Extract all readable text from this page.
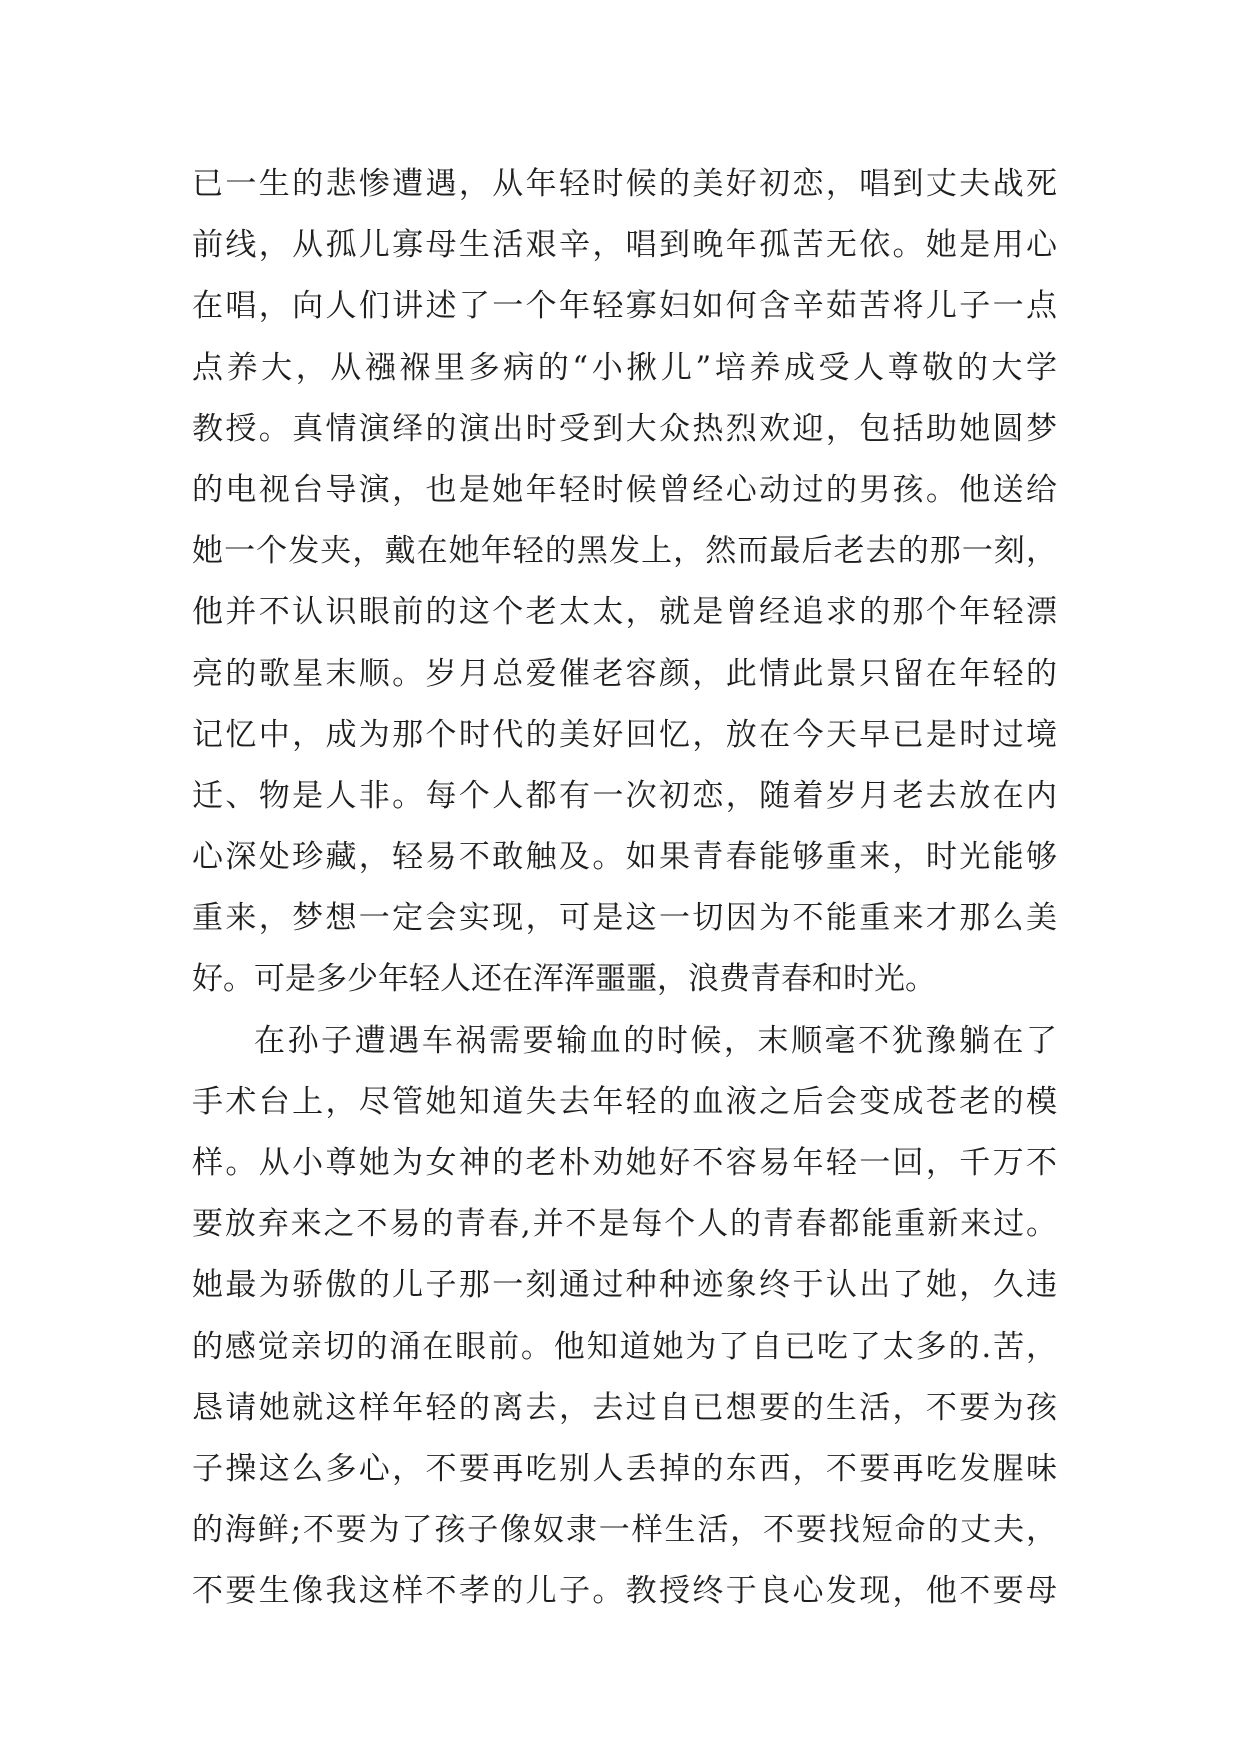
已一生的悲惨遭遇，从年轻时候的美好初恋，唱到丈夫战死
前线，从孤儿寡母生活艰辛，唱到晚年孤苦无依。她是用心
在唱，向人们讲述了一个年轻寡妇如何含辛茹苦将儿子一点
点养大，从襁褓里多病的“小揪儿”培养成受人尊敬的大学
教授。真情演绎的演出时受到大众热烈欢迎，包括助她圆梦
的电视台导演，也是她年轻时候曾经心动过的男孩。他送给
她一个发夹，戴在她年轻的黑发上，然而最后老去的那一刻，
他并不认识眼前的这个老太太，就是曾经追求的那个年轻漂
亮的歌星末顺。岁月总爱催老容颜，此情此景只留在年轻的
记忆中，成为那个时代的美好回忆，放在今天早已是时过境
迁、物是人非。每个人都有一次初恋，随着岁月老去放在内
心深处珍藏，轻易不敢触及。如果青春能够重来，时光能够
重来，梦想一定会实现，可是这一切因为不能重来才那么美
好。可是多少年轻人还在浑浑噩噩，浪费青春和时光。
在孙子遭遇车祸需要输血的时候，末顺毫不犹豫躺在了
手术台上，尽管她知道失去年轻的血液之后会变成苍老的模
样。从小尊她为女神的老朴劝她好不容易年轻一回，千万不
要放弃来之不易的青春,并不是每个人的青春都能重新来过。
她最为骄傲的儿子那一刻通过种种迹象终于认出了她，久违
的感觉亲切的涌在眼前。他知道她为了自已吃了太多的.苦，
恳请她就这样年轻的离去，去过自已想要的生活，不要为孩
子操这么多心，不要再吃别人丢掉的东西，不要再吃发腥味
的海鲜;不要为了孩子像奴隶一样生活，不要找短命的丈夫，
不要生像我这样不孝的儿子。教授终于良心发现，他不要母
